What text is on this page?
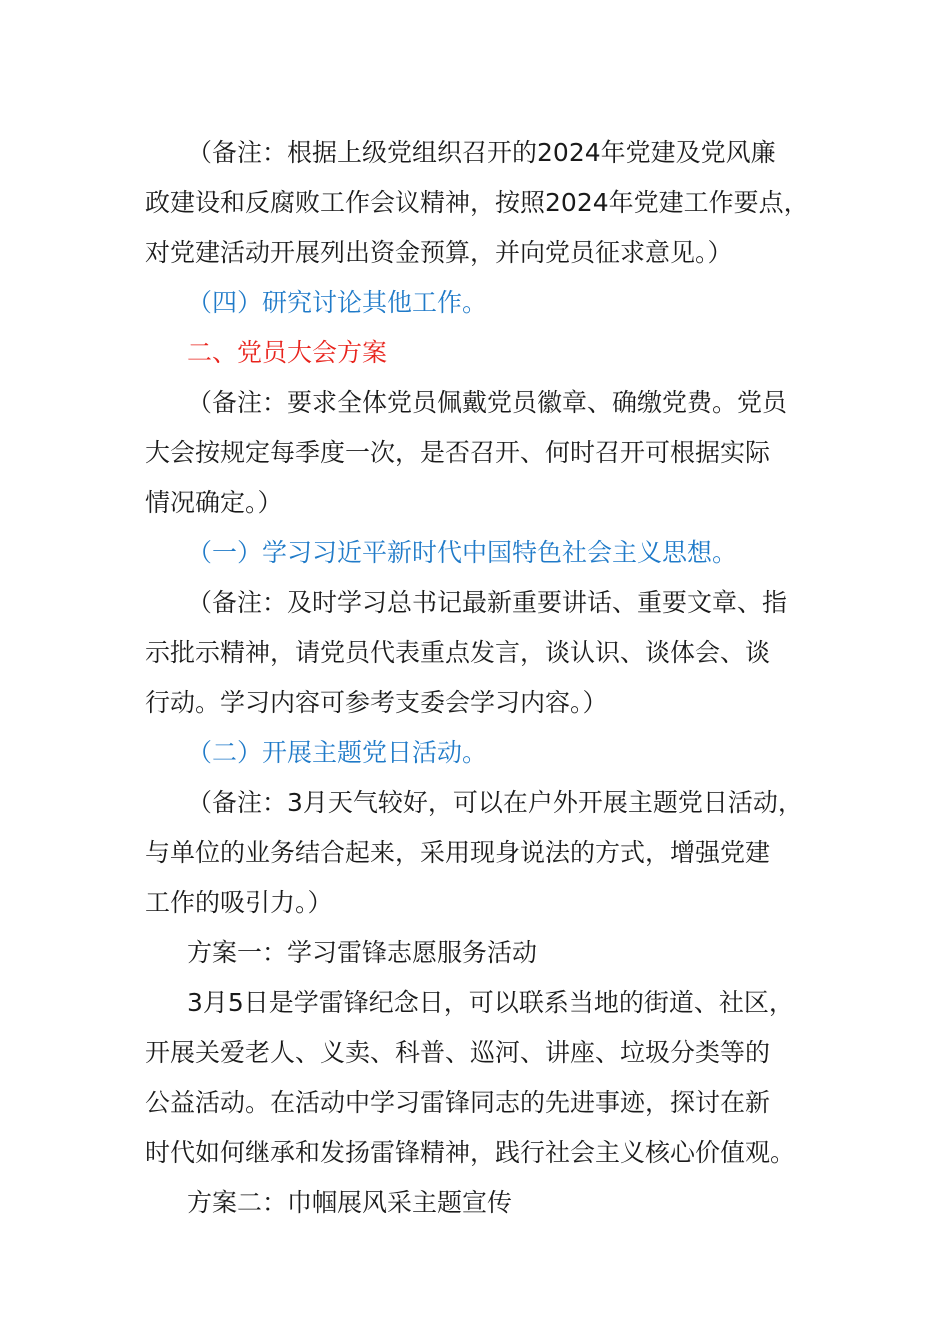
（备注：根据上级党组织召开的2024年党建及党风廉

政建设和反腐败工作会议精神，按照2024年党建工作要点，

对党建活动开展列出资金预算，并向党员征求意见。）

（四）研究讨论其他工作。

二、党员大会方案

（备注：要求全体党员佩戴党员徽章、确缴党费。党员

大会按规定每季度一次，是否召开、何时召开可根据实际

情况确定。）

（一）学习习近平新时代中国特色社会主义思想。

（备注：及时学习总书记最新重要讲话、重要文章、指

示批示精神，请党员代表重点发言，谈认识、谈体会、谈

行动。学习内容可参考支委会学习内容。）

（二）开展主题党日活动。

（备注：3月天气较好，可以在户外开展主题党日活动，

与单位的业务结合起来，采用现身说法的方式，增强党建

工作的吸引力。）

方案一：学习雷锋志愿服务活动

3月5日是学雷锋纪念日，可以联系当地的街道、社区，

开展关爱老人、义卖、科普、巡河、讲座、垃圾分类等的

公益活动。在活动中学习雷锋同志的先进事迹，探讨在新

时代如何继承和发扬雷锋精神，践行社会主义核心价值观。

方案二：巾帼展风采主题宣传
